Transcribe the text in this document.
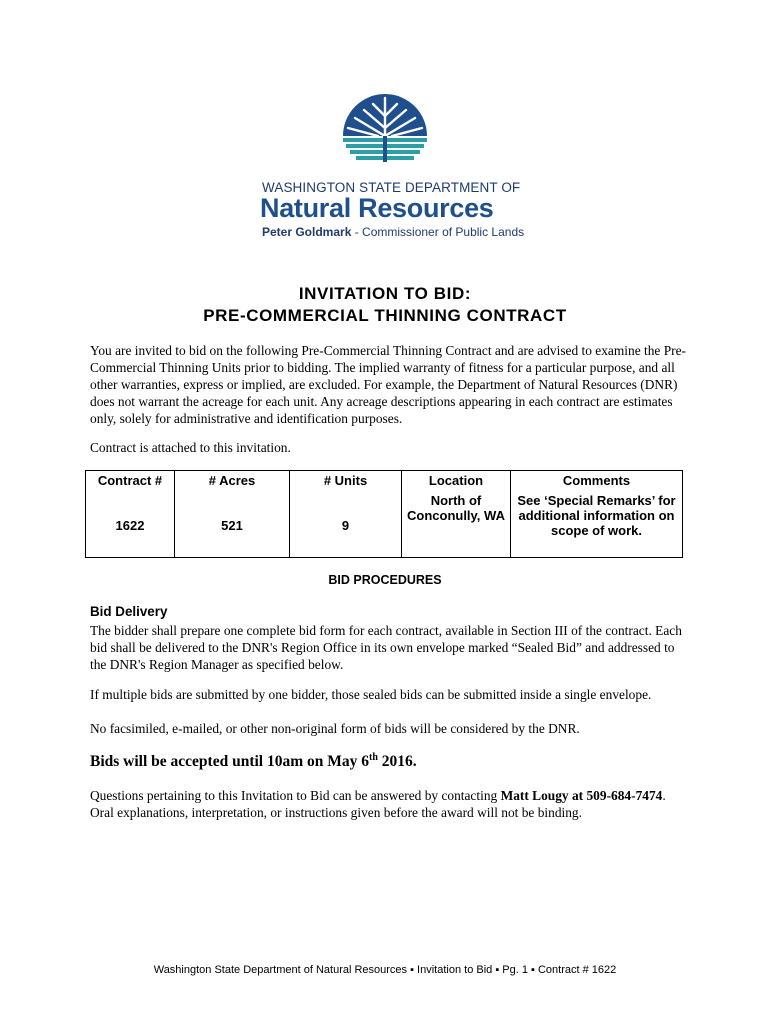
WASHINGTON STATE DEPARTMENT OF
Natural Resources
Peter Goldmark - Commissioner of Public Lands
INVITATION TO BID:
PRE-COMMERCIAL THINNING CONTRACT
You are invited to bid on the following Pre-Commercial Thinning Contract and are advised to examine the Pre-Commercial Thinning Units prior to bidding. The implied warranty of fitness for a particular purpose, and all other warranties, express or implied, are excluded. For example, the Department of Natural Resources (DNR) does not warrant the acreage for each unit. Any acreage descriptions appearing in each contract are estimates only, solely for administrative and identification purposes.
Contract is attached to this invitation.
Contract #	# Acres	# Units	Location	Comments
1622	521	9	North of Conconully, WA	See ‘Special Remarks’ for additional information on scope of work.
BID PROCEDURES
Bid Delivery
The bidder shall prepare one complete bid form for each contract, available in Section III of the contract. Each bid shall be delivered to the DNR's Region Office in its own envelope marked “Sealed Bid” and addressed to the DNR's Region Manager as specified below.
If multiple bids are submitted by one bidder, those sealed bids can be submitted inside a single envelope.
No facsimiled, e-mailed, or other non-original form of bids will be considered by the DNR.
Bids will be accepted until 10am on May 6th 2016.
Questions pertaining to this Invitation to Bid can be answered by contacting Matt Lougy at 509-684-7474. Oral explanations, interpretation, or instructions given before the award will not be binding.
Washington State Department of Natural Resources ▪ Invitation to Bid ▪ Pg. 1 ▪ Contract # 1622
